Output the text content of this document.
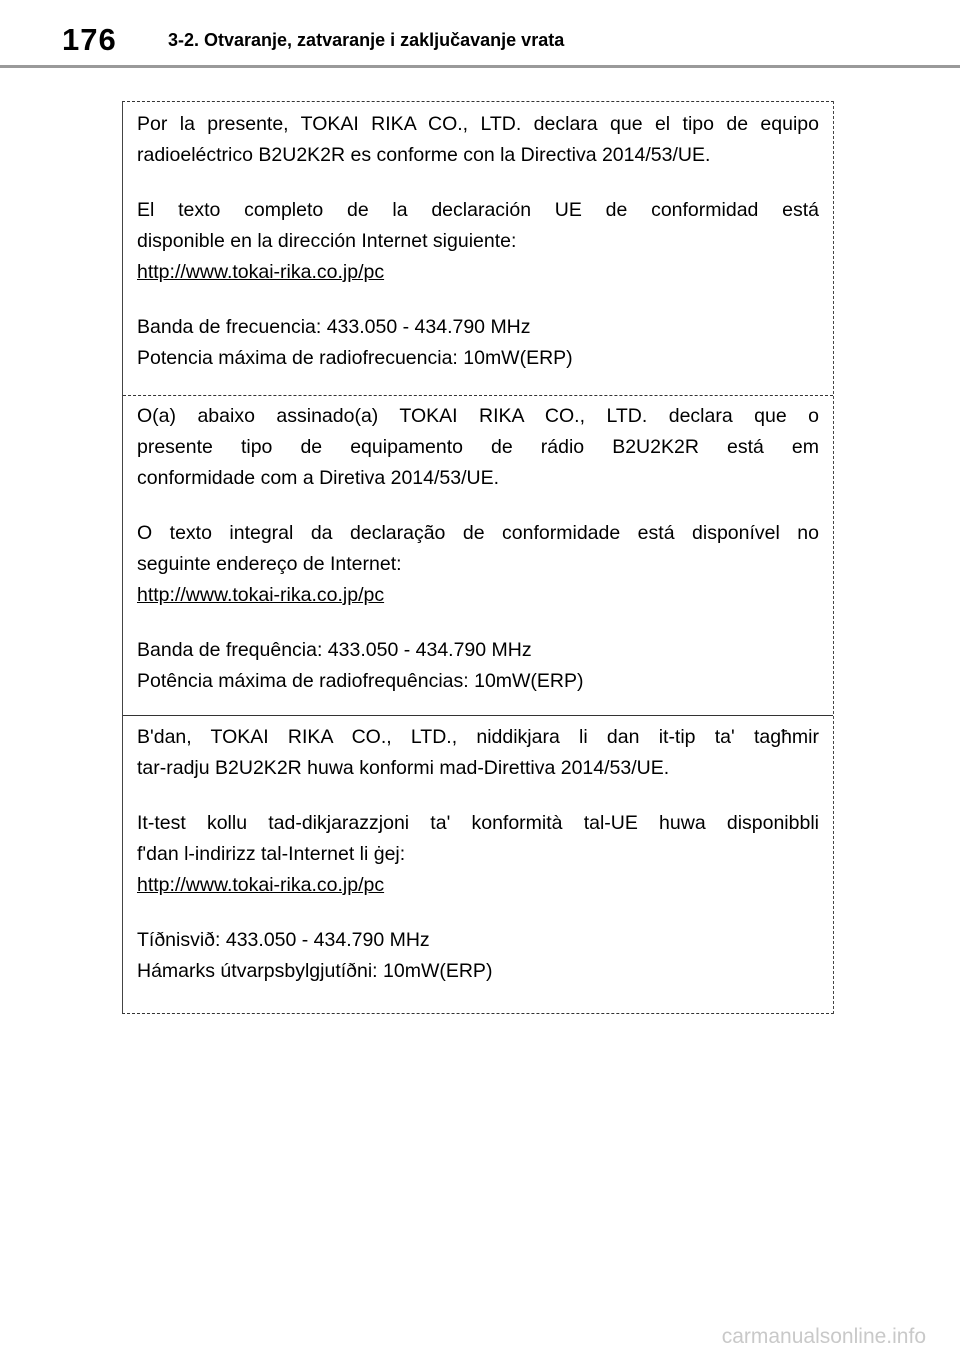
176	3-2. Otvaranje, zatvaranje i zaključavanje vrata

Por la presente, TOKAI RIKA CO., LTD. declara que el tipo de equipo

radioeléctrico B2U2K2R es conforme con la Directiva 2014/53/UE.

El texto completo de la declaración UE de conformidad está

disponible en la dirección Internet siguiente:

http://www.tokai-rika.co.jp/pc

Banda de frecuencia: 433.050 - 434.790 MHz

Potencia máxima de radiofrecuencia: 10mW(ERP)

O(a) abaixo assinado(a) TOKAI RIKA CO., LTD. declara que o

presente tipo de equipamento de rádio B2U2K2R está em

conformidade com a Diretiva 2014/53/UE.

O texto integral da declaração de conformidade está disponível no

seguinte endereço de Internet:

http://www.tokai-rika.co.jp/pc

Banda de frequência: 433.050 - 434.790 MHz

Potência máxima de radiofrequências: 10mW(ERP)

B'dan, TOKAI RIKA CO., LTD., niddikjara li dan it-tip ta' tagħmir

tar-radju B2U2K2R huwa konformi mad-Direttiva 2014/53/UE.

It-test kollu tad-dikjarazzjoni ta' konformità tal-UE huwa disponibbli

f'dan l-indirizz tal-Internet li ġej:

http://www.tokai-rika.co.jp/pc

Tíðnisvið: 433.050 - 434.790 MHz

Hámarks útvarpsbylgjutíðni: 10mW(ERP)

carmanualsonline.info
